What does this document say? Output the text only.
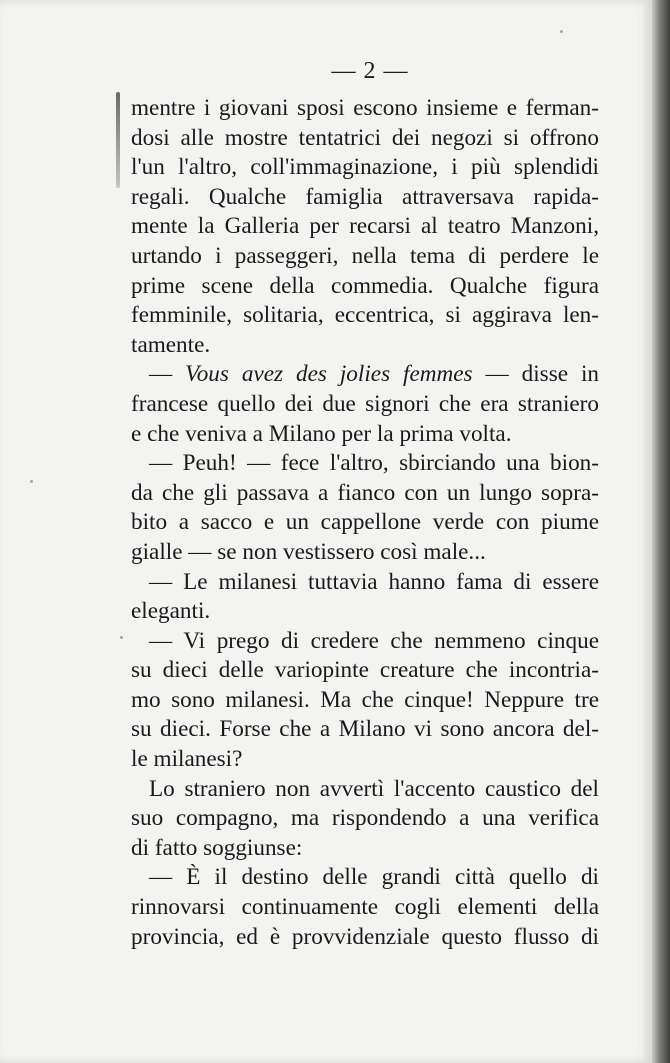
— 2 —
mentre i giovani sposi escono insieme e ferman-
dosi alle mostre tentatrici dei negozi si offrono
l'un l'altro, coll'immaginazione, i più splendidi
regali. Qualche famiglia attraversava rapida-
mente la Galleria per recarsi al teatro Manzoni,
urtando i passeggeri, nella tema di perdere le
prime scene della commedia. Qualche figura
femminile, solitaria, eccentrica, si aggirava len-
tamente.
— Vous avez des jolies femmes — disse in
francese quello dei due signori che era straniero
e che veniva a Milano per la prima volta.
— Peuh! — fece l'altro, sbirciando una bion-
da che gli passava a fianco con un lungo sopra-
bito a sacco e un cappellone verde con piume
gialle — se non vestissero così male...
— Le milanesi tuttavia hanno fama di essere
eleganti.
— Vi prego di credere che nemmeno cinque
su dieci delle variopinte creature che incontria-
mo sono milanesi. Ma che cinque! Neppure tre
su dieci. Forse che a Milano vi sono ancora del-
le milanesi?
Lo straniero non avvertì l'accento caustico del
suo compagno, ma rispondendo a una verifica
di fatto soggiunse:
— È il destino delle grandi città quello di
rinnovarsi continuamente cogli elementi della
provincia, ed è provvidenziale questo flusso di
